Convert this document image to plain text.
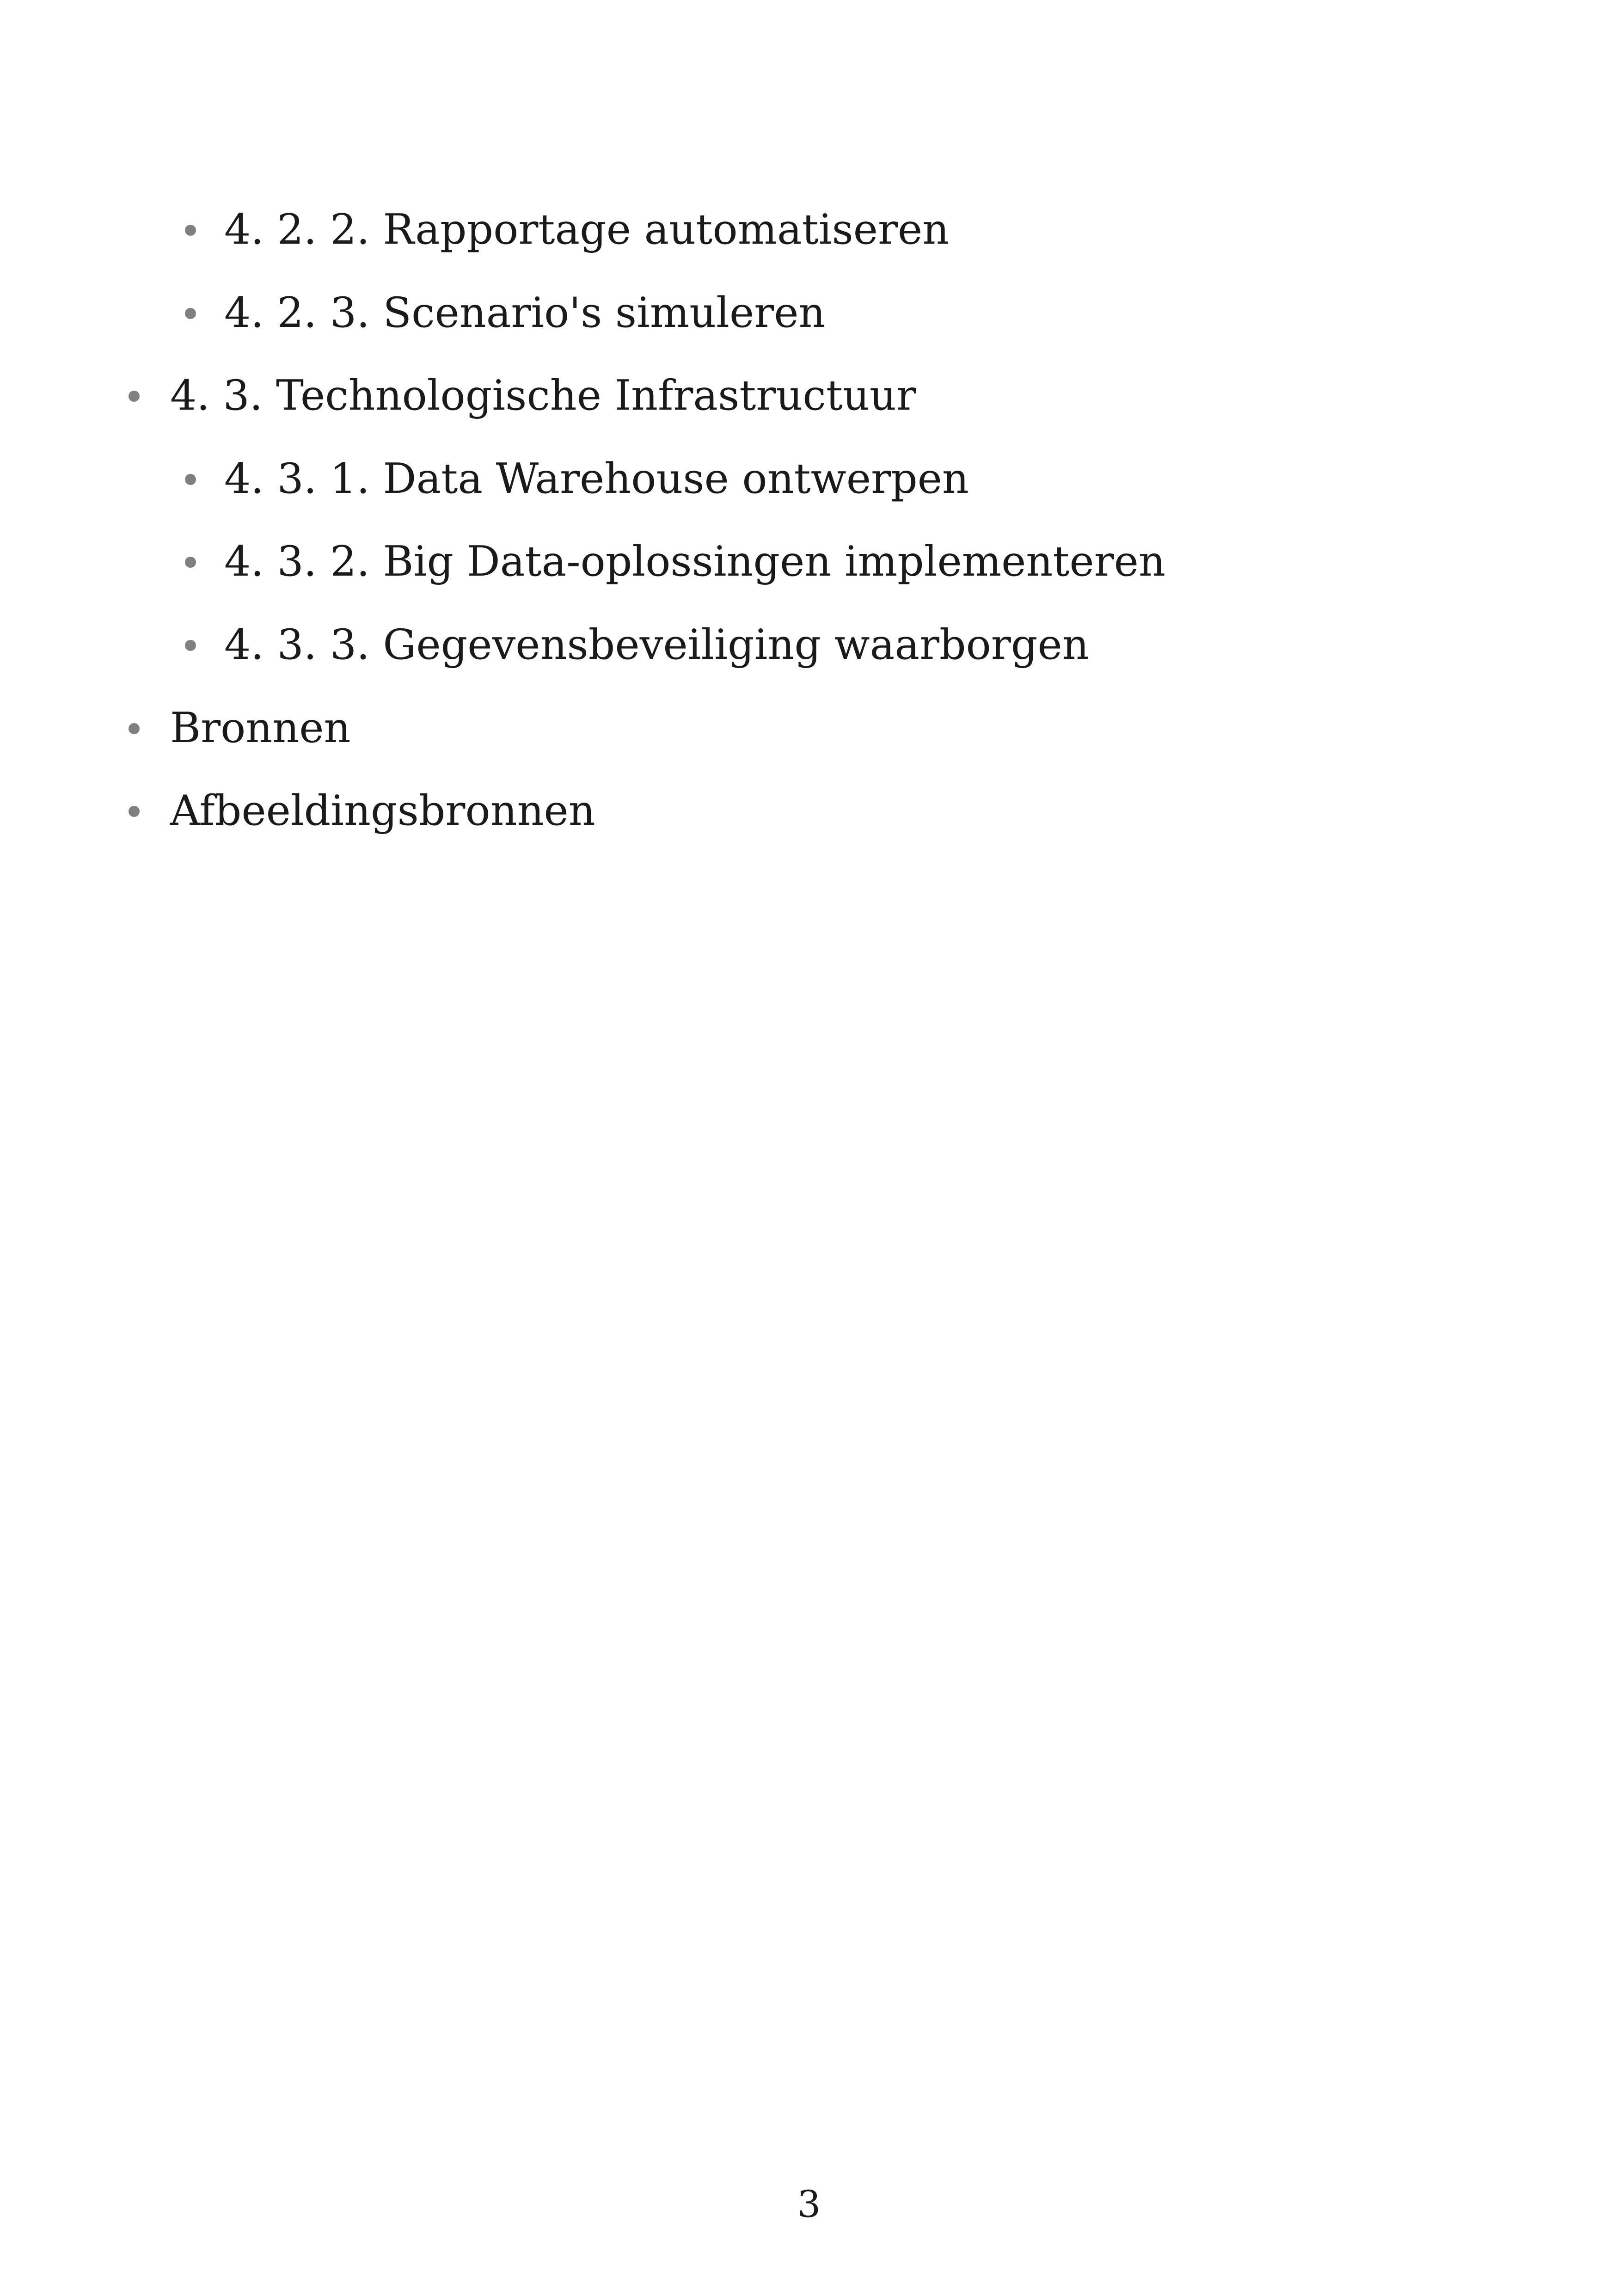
4. 2. 2. Rapportage automatiseren
4. 2. 3. Scenario's simuleren
4. 3. Technologische Infrastructuur
4. 3. 1. Data Warehouse ontwerpen
4. 3. 2. Big Data-oplossingen implementeren
4. 3. 3. Gegevensbeveiliging waarborgen
Bronnen
Afbeeldingsbronnen
3
